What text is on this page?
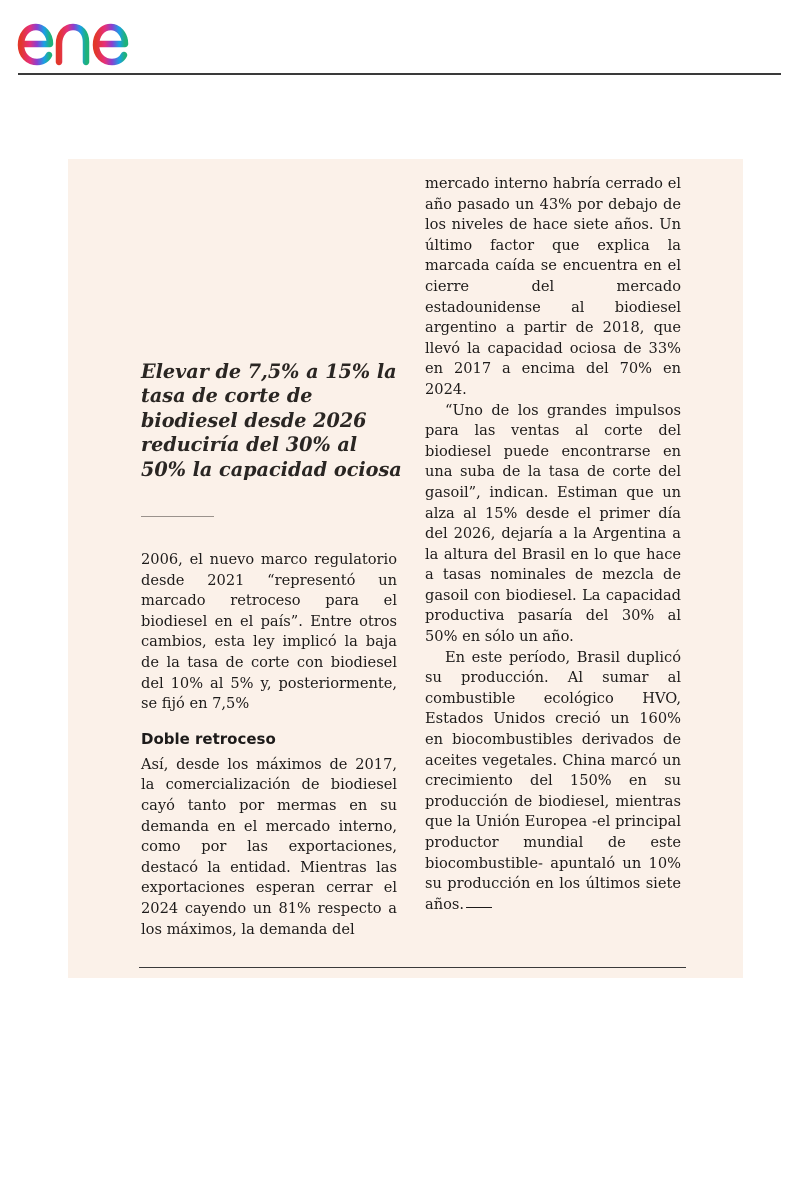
Elevar de 7,5% a 15% la tasa de corte de biodiesel desde 2026 reduciría del 30% al 50% la capacidad ociosa

2006, el nuevo marco regulatorio desde 2021 “representó un marcado retroceso para el biodiesel en el país”. Entre otros cambios, esta ley implicó la baja de la tasa de corte con biodiesel del 10% al 5% y, posteriormente, se fijó en 7,5%

Doble retroceso

Así, desde los máximos de 2017, la comercialización de biodiesel cayó tanto por mermas en su demanda en el mercado interno, como por las exportaciones, destacó la entidad. Mientras las exportaciones esperan cerrar el 2024 cayendo un 81% respecto a los máximos, la demanda del

mercado interno habría cerrado el año pasado un 43% por debajo de los niveles de hace siete años. Un último factor que explica la marcada caída se encuentra en el cierre del mercado estadounidense al biodiesel argentino a partir de 2018, que llevó la capacidad ociosa de 33% en 2017 a encima del 70% en 2024.

“Uno de los grandes impulsos para las ventas al corte del biodiesel puede encontrarse en una suba de la tasa de corte del gasoil”, indican. Estiman que un alza al 15% desde el primer día del 2026, dejaría a la Argentina a la altura del Brasil en lo que hace a tasas nominales de mezcla de gasoil con biodiesel. La capacidad productiva pasaría del 30% al 50% en sólo un año.

En este período, Brasil duplicó su producción. Al sumar al combustible ecológico HVO, Estados Unidos creció un 160% en biocombustibles derivados de aceites vegetales. China marcó un crecimiento del 150% en su producción de biodiesel, mientras que la Unión Europea -el principal productor mundial de este biocombustible- apuntaló un 10% su producción en los últimos siete años.
